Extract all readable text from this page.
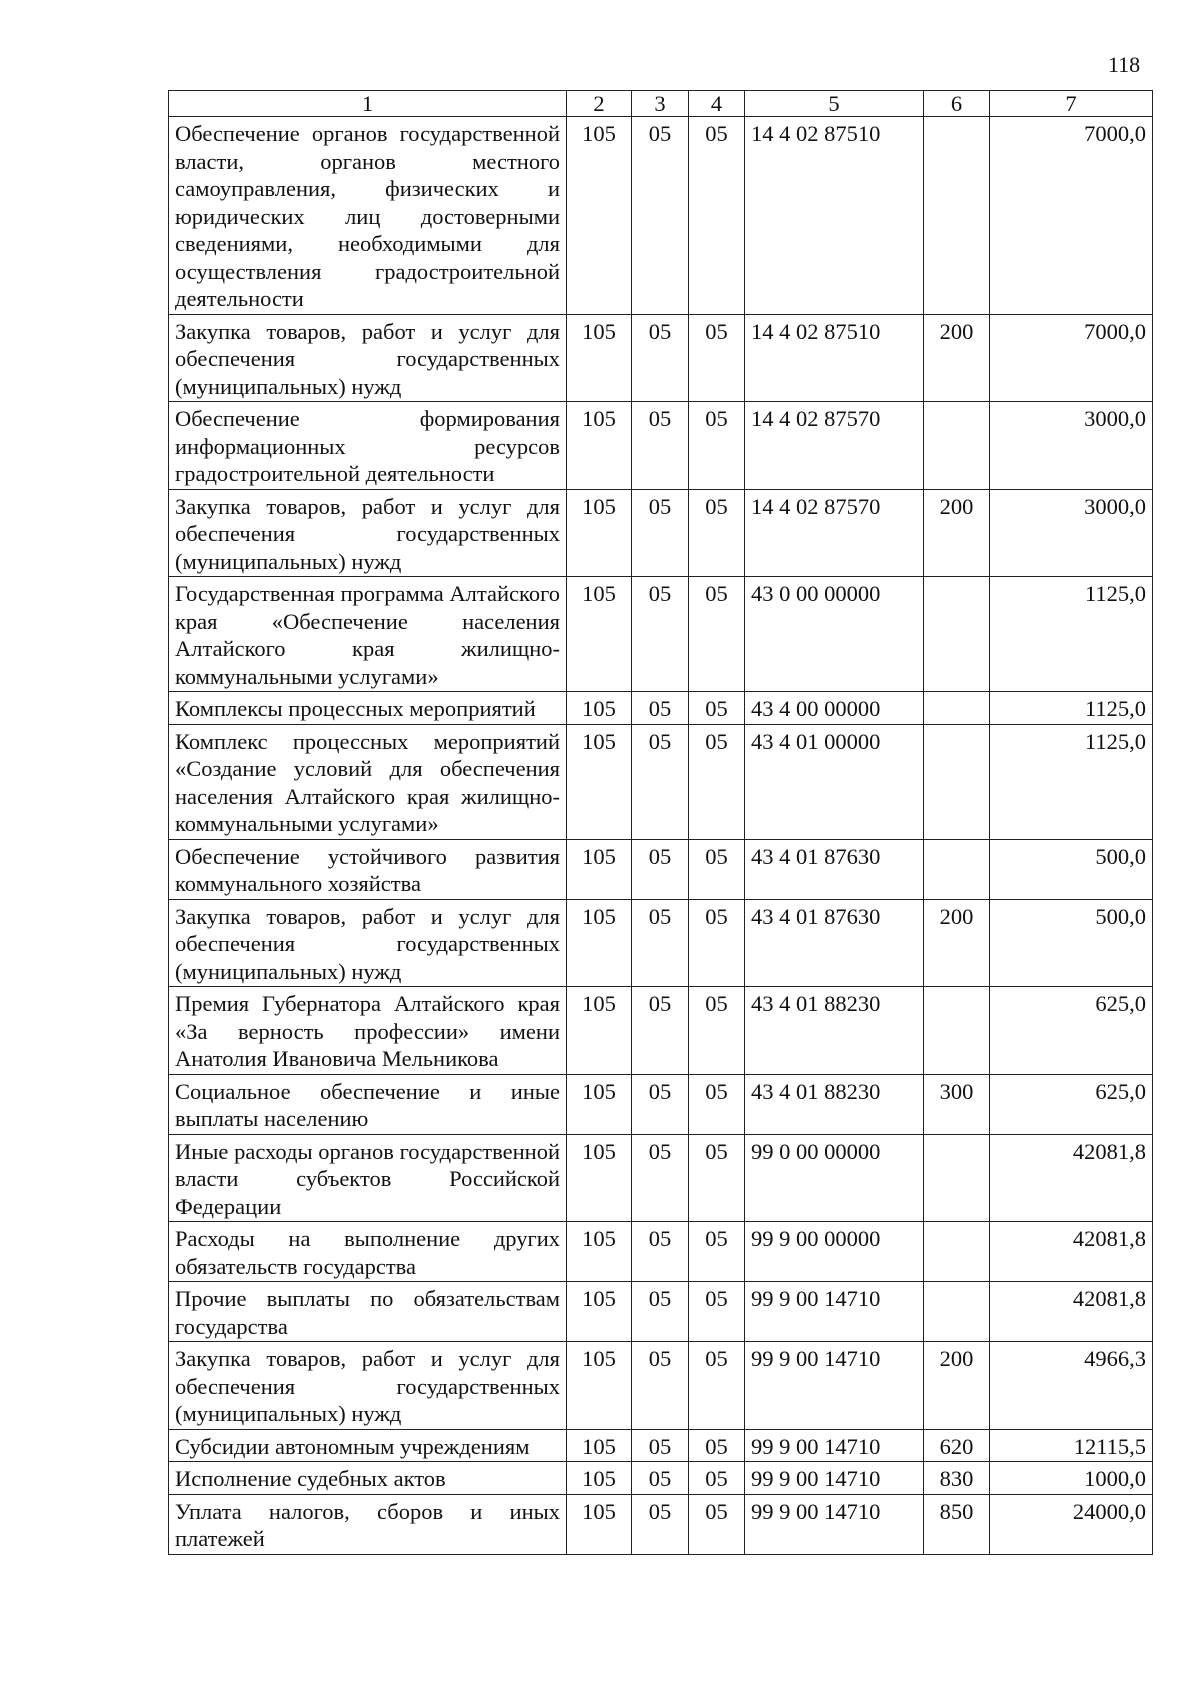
118
1	2	3	4	5	6	7
Обеспечение органов государственной власти, органов местного самоуправления, физических и юридических лиц достоверными сведениями, необходимыми для осуществления градостроительной деятельности	105	05	05	14 4 02 87510		7000,0
Закупка товаров, работ и услуг для обеспечения государственных (муниципальных) нужд	105	05	05	14 4 02 87510	200	7000,0
Обеспечение формирования информационных ресурсов градостроительной деятельности	105	05	05	14 4 02 87570		3000,0
Закупка товаров, работ и услуг для обеспечения государственных (муниципальных) нужд	105	05	05	14 4 02 87570	200	3000,0
Государственная программа Алтайского края «Обеспечение населения Алтайского края жилищно-коммунальными услугами»	105	05	05	43 0 00 00000		1125,0
Комплексы процессных мероприятий	105	05	05	43 4 00 00000		1125,0
Комплекс процессных мероприятий «Создание условий для обеспечения населения Алтайского края жилищно-коммунальными услугами»	105	05	05	43 4 01 00000		1125,0
Обеспечение устойчивого развития коммунального хозяйства	105	05	05	43 4 01 87630		500,0
Закупка товаров, работ и услуг для обеспечения государственных (муниципальных) нужд	105	05	05	43 4 01 87630	200	500,0
Премия Губернатора Алтайского края «За верность профессии» имени Анатолия Ивановича Мельникова	105	05	05	43 4 01 88230		625,0
Социальное обеспечение и иные выплаты населению	105	05	05	43 4 01 88230	300	625,0
Иные расходы органов государственной власти субъектов Российской Федерации	105	05	05	99 0 00 00000		42081,8
Расходы на выполнение других обязательств государства	105	05	05	99 9 00 00000		42081,8
Прочие выплаты по обязательствам государства	105	05	05	99 9 00 14710		42081,8
Закупка товаров, работ и услуг для обеспечения государственных (муниципальных) нужд	105	05	05	99 9 00 14710	200	4966,3
Субсидии автономным учреждениям	105	05	05	99 9 00 14710	620	12115,5
Исполнение судебных актов	105	05	05	99 9 00 14710	830	1000,0
Уплата налогов, сборов и иных платежей	105	05	05	99 9 00 14710	850	24000,0
